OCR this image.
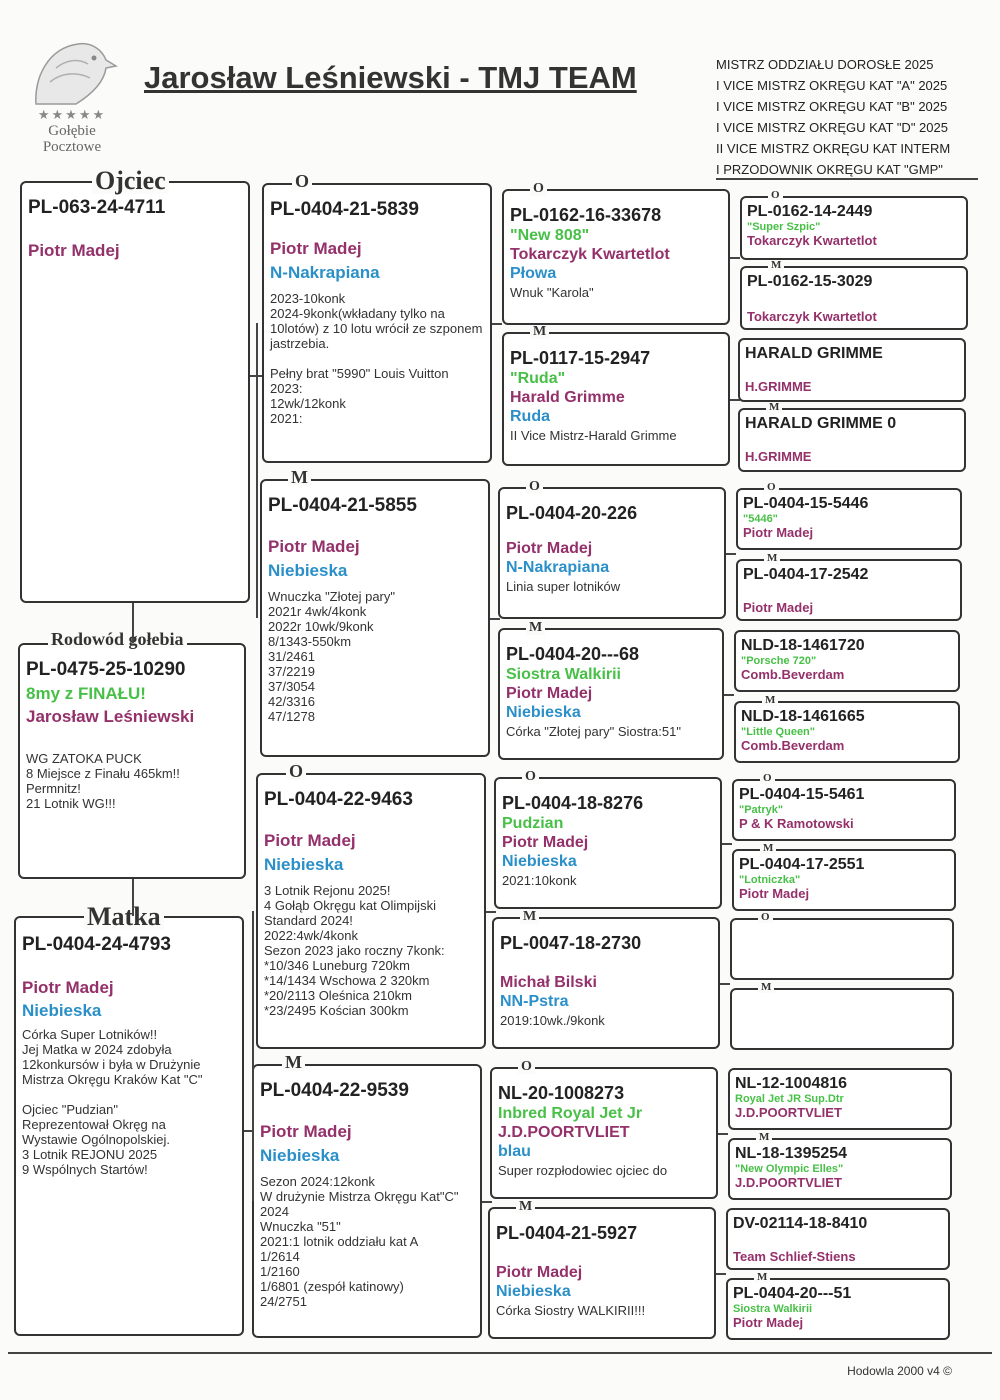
★★★★★
Gołębie
Pocztowe
Jarosław Leśniewski - TMJ TEAM	MISTRZ ODDZIAŁU DOROSŁE 2025
I VICE MISTRZ OKRĘGU KAT "A" 2025
I VICE MISTRZ OKRĘGU KAT "B" 2025
I VICE MISTRZ OKRĘGU KAT "D" 2025
II VICE MISTRZ OKRĘGU KAT INTERM
I PRZODOWNIK OKRĘGU KAT "GMP"
PL-063-24-4711
Piotr Madej
Ojciec
PL-0475-25-10290
8my z FINAŁU!
Jarosław Leśniewski
WG ZATOKA PUCK
8 Miejsce z Finału 465km!!
Permnitz!
21 Lotnik WG!!!
Rodowód gołebia
PL-0404-24-4793
Piotr Madej
Niebieska
Córka Super Lotników!!
Jej Matka w 2024 zdobyła
12konkursów i była w Drużynie
Mistrza Okręgu Kraków Kat "C"

Ojciec "Pudzian"
Reprezentował Okręg na
Wystawie Ogólnopolskiej.
3 Lotnik REJONU 2025
9 Wspólnych Startów!
Matka
PL-0404-21-5839
Piotr Madej
N-Nakrapiana
2023-10konk
2024-9konk(wkładany tylko na 10lotów) z 10 lotu wrócił ze szponem jastrzebia.

Pełny brat "5990" Louis Vuitton
2023:
12wk/12konk
2021:
O
PL-0404-21-5855
Piotr Madej
Niebieska
Wnuczka "Złotej pary"
2021r 4wk/4konk
2022r 10wk/9konk
8/1343-550km
31/2461
37/2219
37/3054
42/3316
47/1278
M
PL-0404-22-9463
Piotr Madej
Niebieska
3 Lotnik Rejonu 2025!
4 Gołąb Okręgu kat Olimpijski Standard 2024!
2022:4wk/4konk
Sezon 2023 jako roczny 7konk:
*10/346 Luneburg 720km
*14/1434 Wschowa 2 320km
*20/2113 Oleśnica 210km
*23/2495 Kościan 300km
O
PL-0404-22-9539
Piotr Madej
Niebieska
Sezon 2024:12konk
W drużynie Mistrza Okręgu Kat"C" 2024
Wnuczka "51"
2021:1 lotnik oddziału kat A
1/2614
1/2160
1/6801 (zespół katinowy)
24/2751
M
PL-0162-16-33678
"New 808"
Tokarczyk Kwartetlot
Płowa
Wnuk "Karola"
O
PL-0117-15-2947
"Ruda"
Harald Grimme
Ruda
II Vice Mistrz-Harald Grimme
M
PL-0404-20-226
Piotr Madej
N-Nakrapiana
Linia super lotników
O
PL-0404-20---68
Siostra Walkirii
Piotr Madej
Niebieska
Córka "Złotej pary" Siostra:51"
M
PL-0404-18-8276
Pudzian
Piotr Madej
Niebieska
2021:10konk
O
PL-0047-18-2730
Michał Bilski
NN-Pstra
2019:10wk./9konk
M
NL-20-1008273
Inbred Royal Jet Jr
J.D.POORTVLIET
blau
Super rozpłodowiec ojciec do
O
PL-0404-21-5927
Piotr Madej
Niebieska
Córka Siostry WALKIRII!!!
M
PL-0162-14-2449
"Super Szpic"
Tokarczyk Kwartetlot
O
PL-0162-15-3029
Tokarczyk Kwartetlot
M
HARALD GRIMME
H.GRIMME
HARALD GRIMME 0
H.GRIMME
M
PL-0404-15-5446
"5446"
Piotr Madej
O
PL-0404-17-2542
Piotr Madej
M
NLD-18-1461720
"Porsche 720"
Comb.Beverdam
NLD-18-1461665
"Little Queen"
Comb.Beverdam
M
PL-0404-15-5461
"Patryk"
P & K Ramotowski
O
PL-0404-17-2551
"Lotniczka"
Piotr Madej
M
O
M
NL-12-1004816
Royal Jet JR Sup.Dtr
J.D.POORTVLIET
NL-18-1395254
"New Olympic Elles"
J.D.POORTVLIET
M
DV-02114-18-8410
Team Schlief-Stiens
PL-0404-20---51
Siostra Walkirii
Piotr Madej
M
Hodowla 2000 v4 ©
